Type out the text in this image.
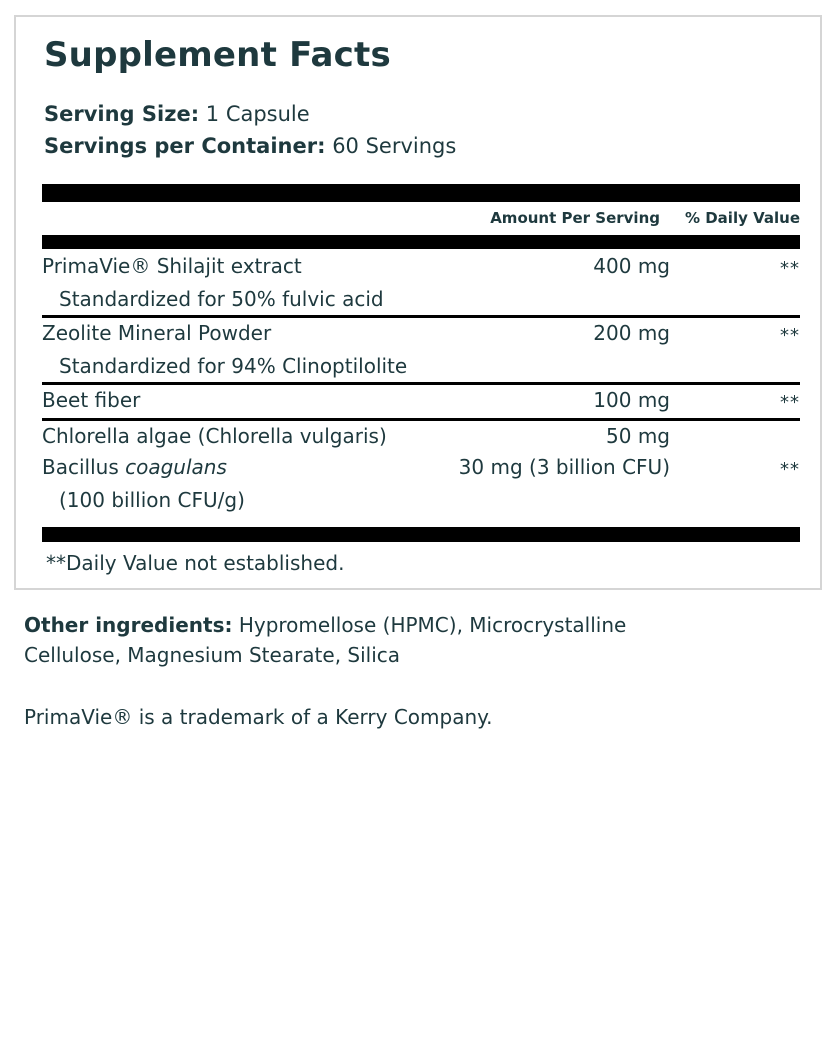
Supplement Facts
Serving Size: 1 Capsule
Servings per Container: 60 Servings
Amount Per Serving	% Daily Value
PrimaVie® Shilajit extract	400 mg	**
Standardized for 50% fulvic acid
Zeolite Mineral Powder	200 mg	**
Standardized for 94% Clinoptilolite
Beet fiber	100 mg	**
Chlorella algae (Chlorella vulgaris)	50 mg
Bacillus coagulans	30 mg (3 billion CFU)	**
(100 billion CFU/g)
**Daily Value not established.
Other ingredients: Hypromellose (HPMC), Microcrystalline Cellulose, Magnesium Stearate, Silica
PrimaVie® is a trademark of a Kerry Company.
